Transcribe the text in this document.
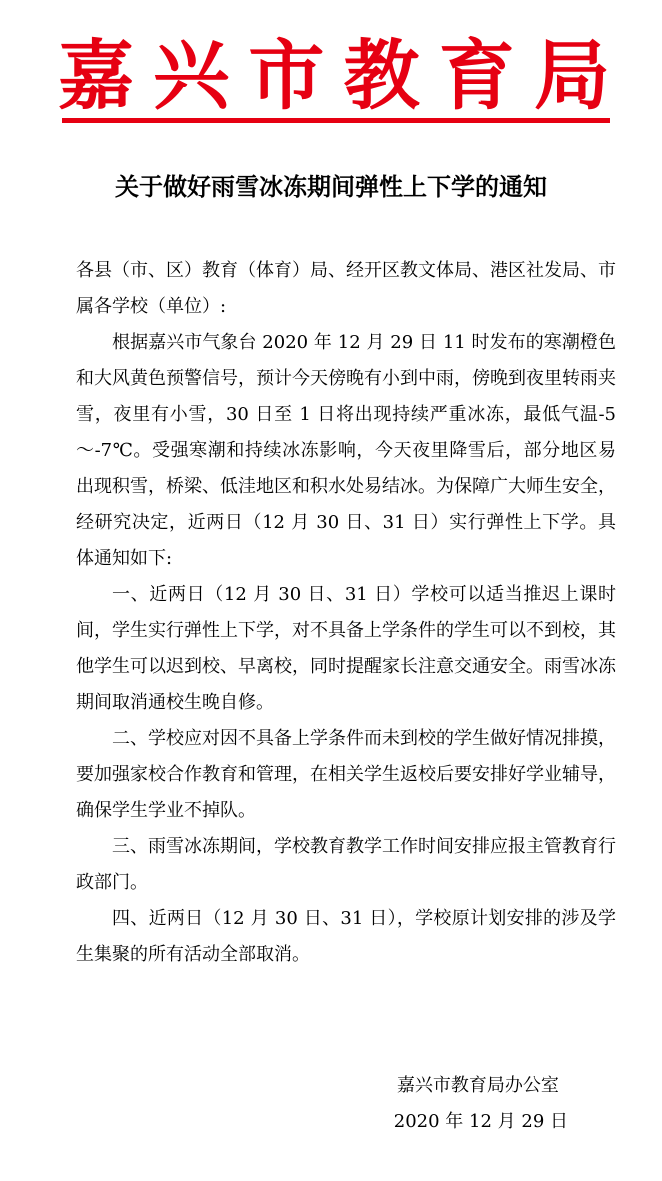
嘉兴市教育局
关于做好雨雪冰冻期间弹性上下学的通知

各县（市、区）教育（体育）局、经开区教文体局、港区社发局、市属各学校（单位）:

根据嘉兴市气象台 2020 年 12 月 29 日 11 时发布的寒潮橙色和大风黄色预警信号，预计今天傍晚有小到中雨，傍晚到夜里转雨夹雪，夜里有小雪，30 日至 1 日将出现持续严重冰冻，最低气温-5～-7℃。受强寒潮和持续冰冻影响，今天夜里降雪后，部分地区易出现积雪，桥梁、低洼地区和积水处易结冰。为保障广大师生安全，经研究决定，近两日（12 月 30 日、31 日）实行弹性上下学。具体通知如下:

一、近两日（12 月 30 日、31 日）学校可以适当推迟上课时间，学生实行弹性上下学，对不具备上学条件的学生可以不到校，其他学生可以迟到校、早离校，同时提醒家长注意交通安全。雨雪冰冻期间取消通校生晚自修。

二、学校应对因不具备上学条件而未到校的学生做好情况排摸，要加强家校合作教育和管理，在相关学生返校后要安排好学业辅导，确保学生学业不掉队。

三、雨雪冰冻期间，学校教育教学工作时间安排应报主管教育行政部门。

四、近两日（12 月 30 日、31 日），学校原计划安排的涉及学生集聚的所有活动全部取消。

嘉兴市教育局办公室
2020 年 12 月 29 日
